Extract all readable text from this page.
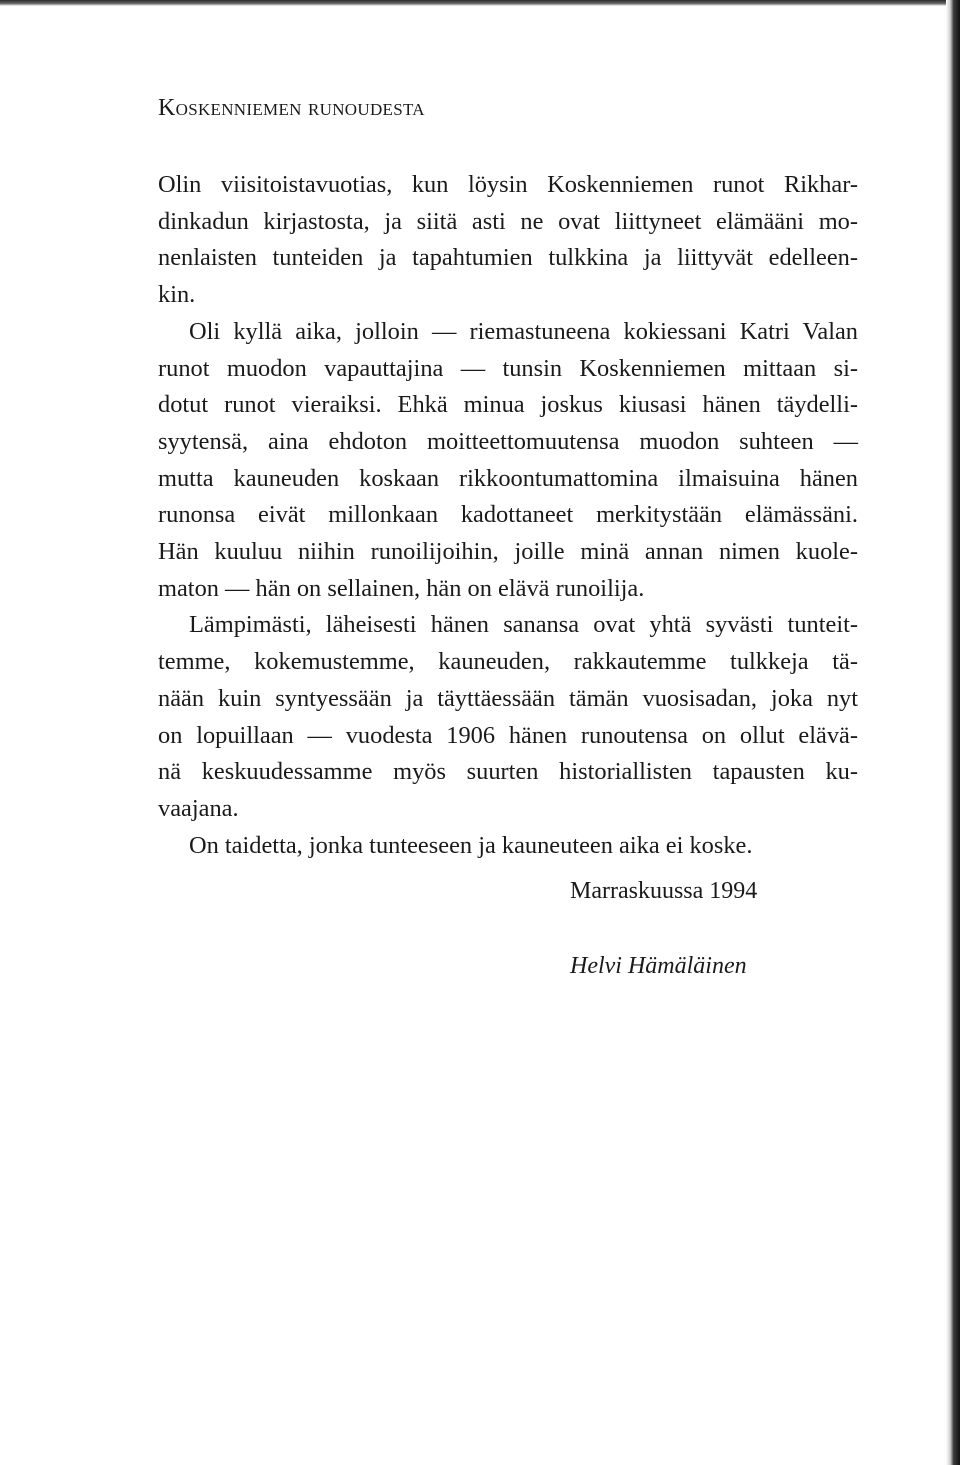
Koskenniemen runoudesta
Olin viisitoistavuotias, kun löysin Koskenniemen runot Rikhar-
dinkadun kirjastosta, ja siitä asti ne ovat liittyneet elämääni mo-
nenlaisten tunteiden ja tapahtumien tulkkina ja liittyvät edelleen-
kin.
Oli kyllä aika, jolloin — riemastuneena kokiessani Katri Valan
runot muodon vapauttajina — tunsin Koskenniemen mittaan si-
dotut runot vieraiksi. Ehkä minua joskus kiusasi hänen täydelli-
syytensä, aina ehdoton moitteettomuutensa muodon suhteen —
mutta kauneuden koskaan rikkoontumattomina ilmaisuina hänen
runonsa eivät millonkaan kadottaneet merkitystään elämässäni.
Hän kuuluu niihin runoilijoihin, joille minä annan nimen kuole-
maton — hän on sellainen, hän on elävä runoilija.
Lämpimästi, läheisesti hänen sanansa ovat yhtä syvästi tunteit-
temme, kokemustemme, kauneuden, rakkautemme tulkkeja tä-
nään kuin syntyessään ja täyttäessään tämän vuosisadan, joka nyt
on lopuillaan — vuodesta 1906 hänen runoutensa on ollut elävä-
nä keskuudessamme myös suurten historiallisten tapausten ku-
vaajana.
On taidetta, jonka tunteeseen ja kauneuteen aika ei koske.
Marraskuussa 1994
Helvi Hämäläinen
